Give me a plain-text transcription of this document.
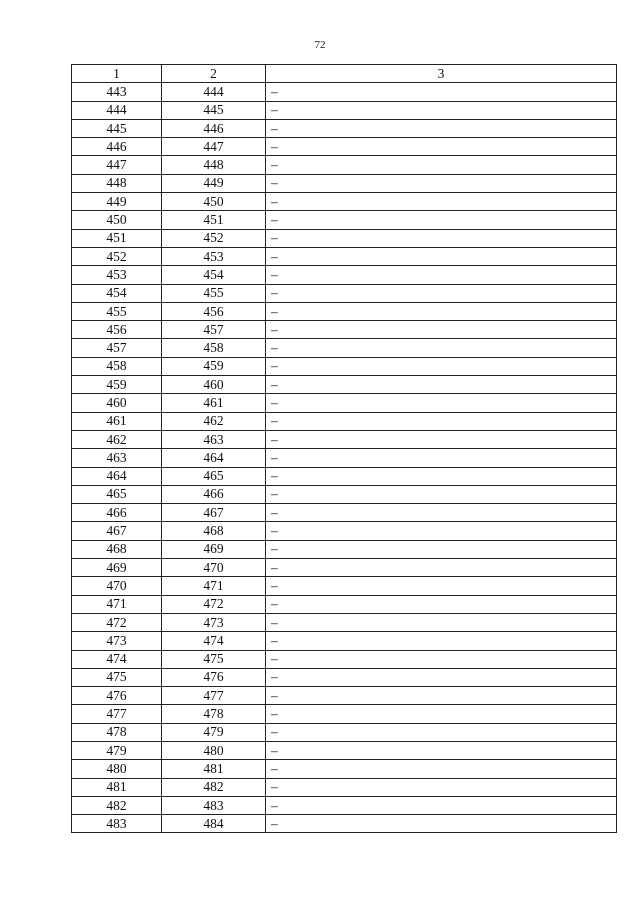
72
1	2	3
443	444	–
444	445	–
445	446	–
446	447	–
447	448	–
448	449	–
449	450	–
450	451	–
451	452	–
452	453	–
453	454	–
454	455	–
455	456	–
456	457	–
457	458	–
458	459	–
459	460	–
460	461	–
461	462	–
462	463	–
463	464	–
464	465	–
465	466	–
466	467	–
467	468	–
468	469	–
469	470	–
470	471	–
471	472	–
472	473	–
473	474	–
474	475	–
475	476	–
476	477	–
477	478	–
478	479	–
479	480	–
480	481	–
481	482	–
482	483	–
483	484	–
